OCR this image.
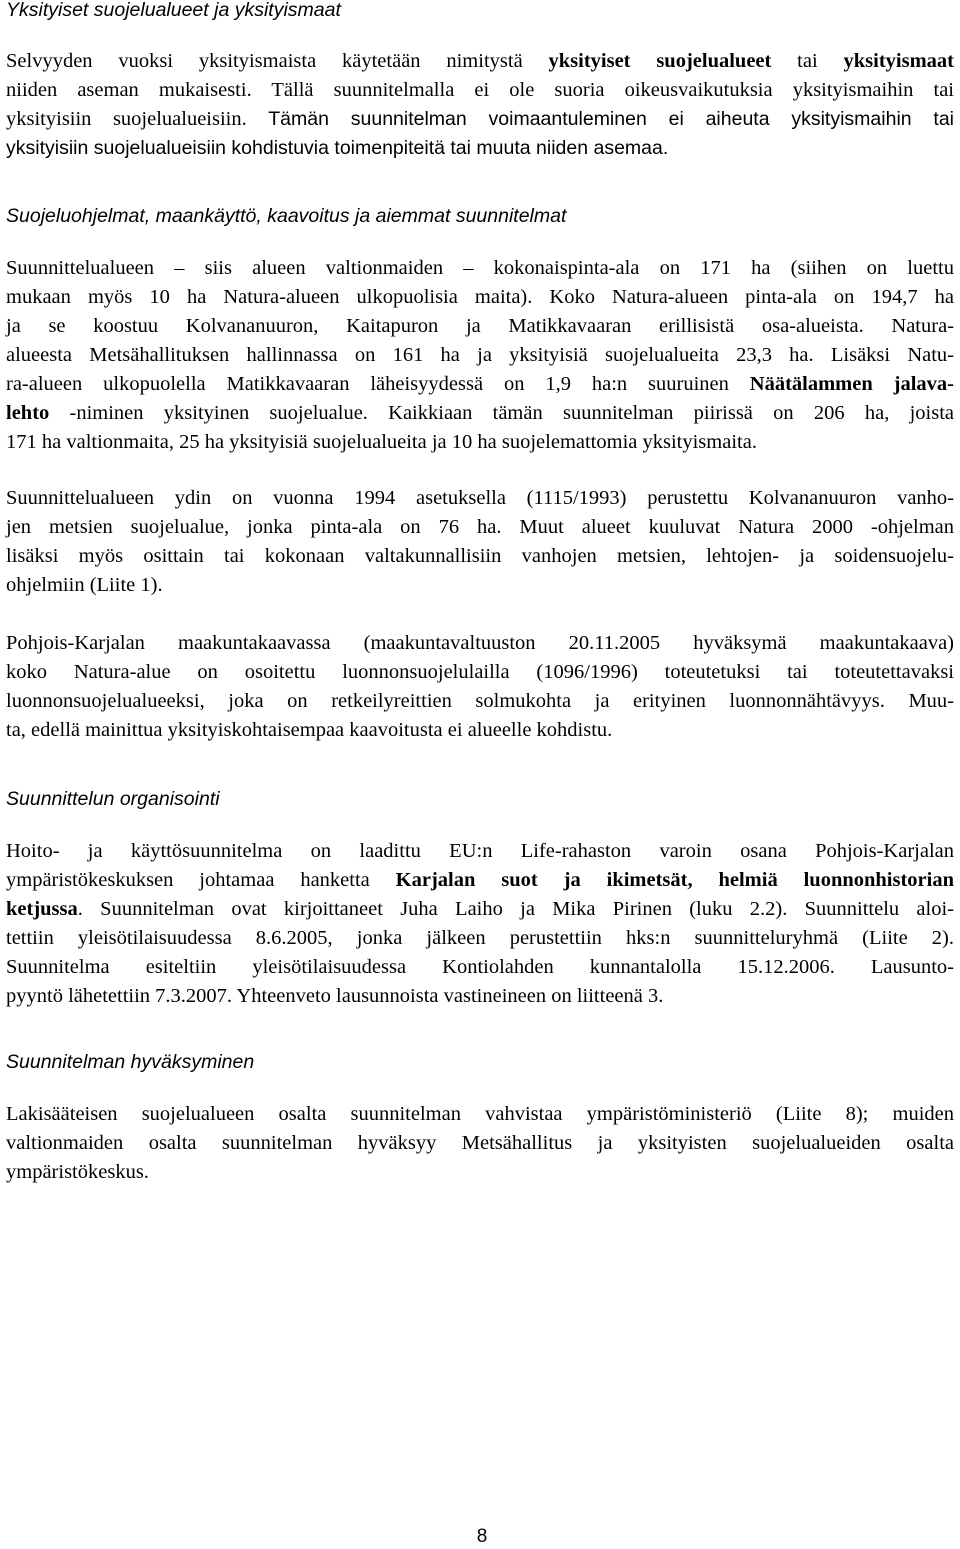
Yksityiset suojelualueet ja yksityismaat
Selvyyden vuoksi yksityismaista käytetään nimitystä yksityiset suojelualueet tai yksityismaat
niiden aseman mukaisesti. Tällä suunnitelmalla ei ole suoria oikeusvaikutuksia yksityismaihin tai
yksityisiin suojelualueisiin. Tämän suunnitelman voimaantuleminen ei aiheuta yksityismaihin tai
yksityisiin suojelualueisiin kohdistuvia toimenpiteitä tai muuta niiden asemaa.
Suojeluohjelmat, maankäyttö, kaavoitus ja aiemmat suunnitelmat
Suunnittelualueen – siis alueen valtionmaiden – kokonaispinta-ala on 171 ha (siihen on luettu
mukaan myös 10 ha Natura-alueen ulkopuolisia maita). Koko Natura-alueen pinta-ala on 194,7 ha
ja se koostuu Kolvananuuron, Kaitapuron ja Matikkavaaran erillisistä osa-alueista. Natura-
alueesta Metsähallituksen hallinnassa on 161 ha ja yksityisiä suojelualueita 23,3 ha. Lisäksi Natu-
ra-alueen ulkopuolella Matikkavaaran läheisyydessä on 1,9 ha:n suuruinen Näätälammen jalava-
lehto -niminen yksityinen suojelualue. Kaikkiaan tämän suunnitelman piirissä on 206 ha, joista
171 ha valtionmaita, 25 ha yksityisiä suojelualueita ja 10 ha suojelemattomia yksityismaita.
Suunnittelualueen ydin on vuonna 1994 asetuksella (1115/1993) perustettu Kolvananuuron vanho-
jen metsien suojelualue, jonka pinta-ala on 76 ha. Muut alueet kuuluvat Natura 2000 -ohjelman
lisäksi myös osittain tai kokonaan valtakunnallisiin vanhojen metsien, lehtojen- ja soidensuojelu-
ohjelmiin (Liite 1).
Pohjois-Karjalan maakuntakaavassa (maakuntavaltuuston 20.11.2005 hyväksymä maakuntakaava)
koko Natura-alue on osoitettu luonnonsuojelulailla (1096/1996) toteutetuksi tai toteutettavaksi
luonnonsuojelualueeksi, joka on retkeilyreittien solmukohta ja erityinen luonnonnähtävyys. Muu-
ta, edellä mainittua yksityiskohtaisempaa kaavoitusta ei alueelle kohdistu.
Suunnittelun organisointi
Hoito- ja käyttösuunnitelma on laadittu EU:n Life-rahaston varoin osana Pohjois-Karjalan
ympäristökeskuksen johtamaa hanketta Karjalan suot ja ikimetsät, helmiä luonnonhistorian
ketjussa. Suunnitelman ovat kirjoittaneet Juha Laiho ja Mika Pirinen (luku 2.2). Suunnittelu aloi-
tettiin yleisötilaisuudessa 8.6.2005, jonka jälkeen perustettiin hks:n suunnitteluryhmä (Liite 2).
Suunnitelma esiteltiin yleisötilaisuudessa Kontiolahden kunnantalolla 15.12.2006. Lausunto-
pyyntö lähetettiin 7.3.2007. Yhteenveto lausunnoista vastineineen on liitteenä 3.
Suunnitelman hyväksyminen
Lakisääteisen suojelualueen osalta suunnitelman vahvistaa ympäristöministeriö (Liite 8); muiden
valtionmaiden osalta suunnitelman hyväksyy Metsähallitus ja yksityisten suojelualueiden osalta
ympäristökeskus.
8
